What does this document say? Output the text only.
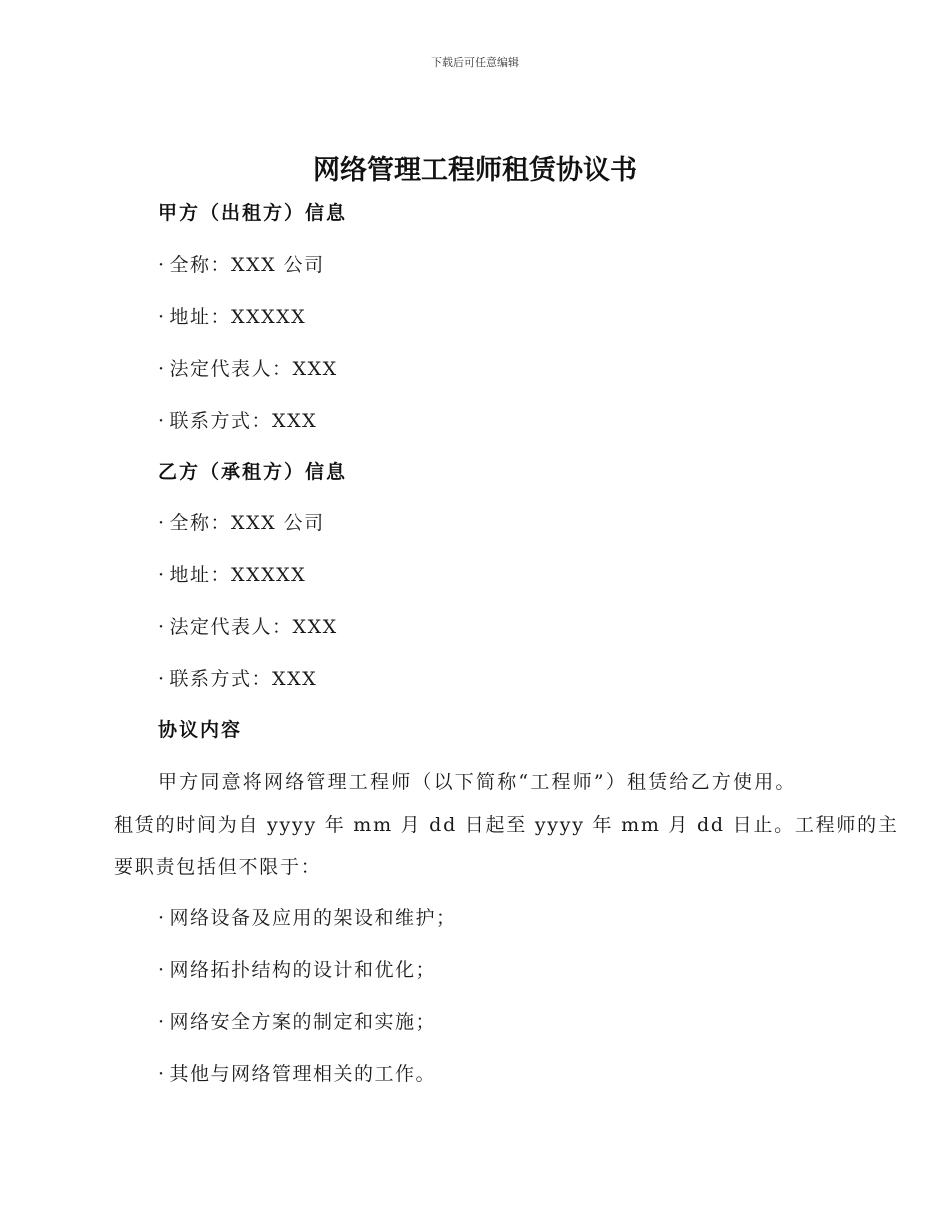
下载后可任意编辑
网络管理工程师租赁协议书
甲方（出租方）信息
· 全称：XXX 公司
· 地址：XXXXX
· 法定代表人：XXX
· 联系方式：XXX
乙方（承租方）信息
· 全称：XXX 公司
· 地址：XXXXX
· 法定代表人：XXX
· 联系方式：XXX
协议内容
甲方同意将网络管理工程师（以下简称“工程师”）租赁给乙方使用。
租赁的时间为自 yyyy 年 mm 月 dd 日起至 yyyy 年 mm 月 dd 日止。工程师的主
要职责包括但不限于：
· 网络设备及应用的架设和维护；
· 网络拓扑结构的设计和优化；
· 网络安全方案的制定和实施；
· 其他与网络管理相关的工作。
